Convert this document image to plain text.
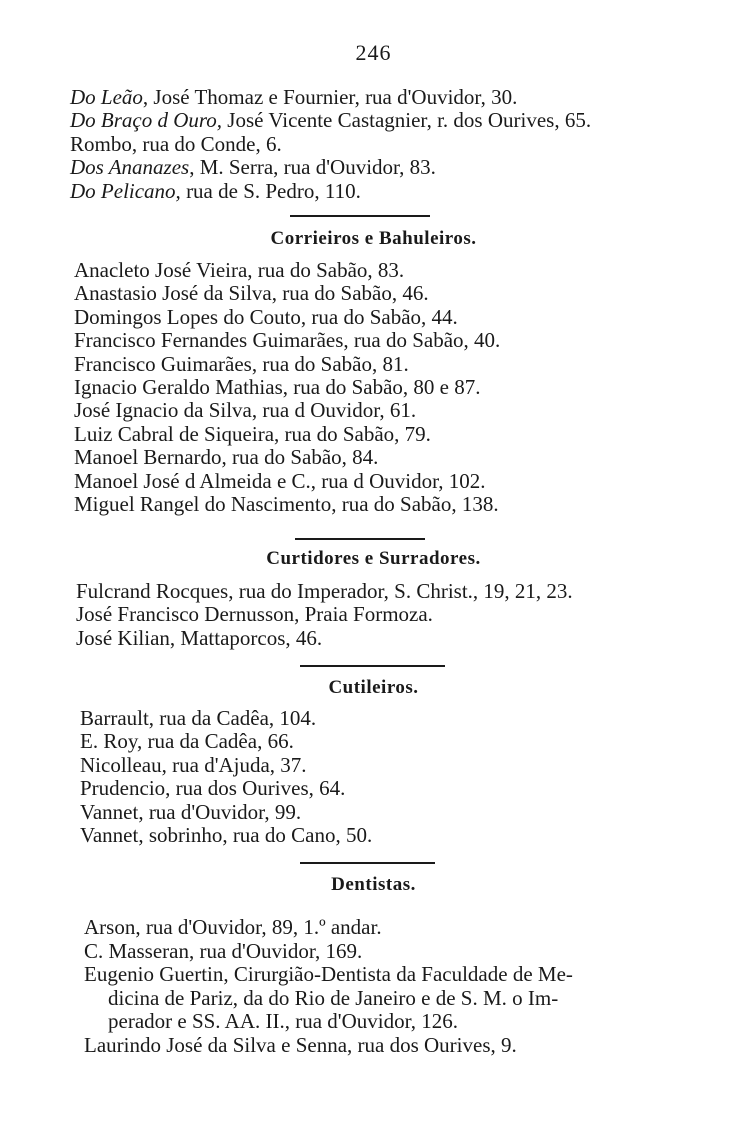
246
Do Leão, José Thomaz e Fournier, rua d'Ouvidor, 30.
Do Braço d Ouro, José Vicente Castagnier, r. dos Ourives, 65.
Rombo, rua do Conde, 6.
Dos Ananazes, M. Serra, rua d'Ouvidor, 83.
Do Pelicano, rua de S. Pedro, 110.
Corrieiros e Bahuleiros.
Anacleto José Vieira, rua do Sabão, 83.
Anastasio José da Silva, rua do Sabão, 46.
Domingos Lopes do Couto, rua do Sabão, 44.
Francisco Fernandes Guimarães, rua do Sabão, 40.
Francisco Guimarães, rua do Sabão, 81.
Ignacio Geraldo Mathias, rua do Sabão, 80 e 87.
José Ignacio da Silva, rua d Ouvidor, 61.
Luiz Cabral de Siqueira, rua do Sabão, 79.
Manoel Bernardo, rua do Sabão, 84.
Manoel José d Almeida e C., rua d Ouvidor, 102.
Miguel Rangel do Nascimento, rua do Sabão, 138.
Curtidores e Surradores.
Fulcrand Rocques, rua do Imperador, S. Christ., 19, 21, 23.
José Francisco Dernusson, Praia Formoza.
José Kilian, Mattaporcos, 46.
Cutileiros.
Barrault, rua da Cadêa, 104.
E. Roy, rua da Cadêa, 66.
Nicolleau, rua d'Ajuda, 37.
Prudencio, rua dos Ourives, 64.
Vannet, rua d'Ouvidor, 99.
Vannet, sobrinho, rua do Cano, 50.
Dentistas.
Arson, rua d'Ouvidor, 89, 1.º andar.
C. Masseran, rua d'Ouvidor, 169.
Eugenio Guertin, Cirurgião-Dentista da Faculdade de Me-
dicina de Pariz, da do Rio de Janeiro e de S. M. o Im-
perador e SS. AA. II., rua d'Ouvidor, 126.
Laurindo José da Silva e Senna, rua dos Ourives, 9.
